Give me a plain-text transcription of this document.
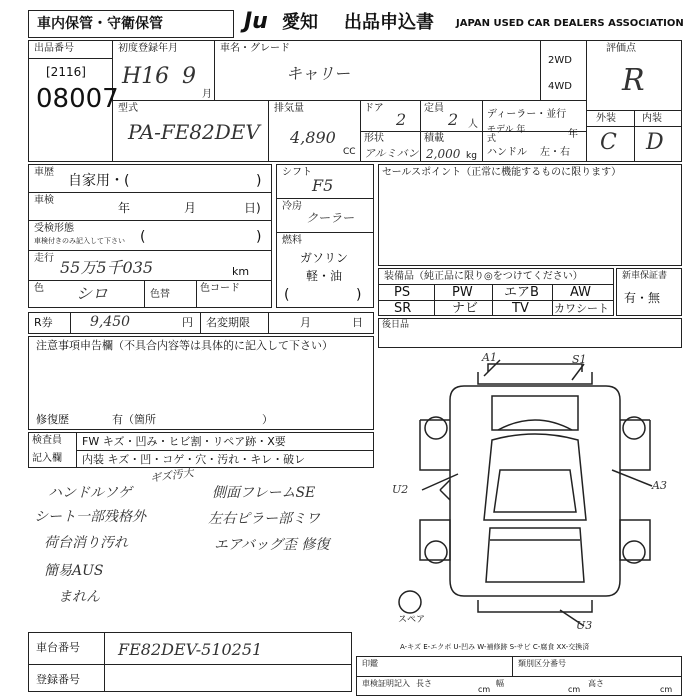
車内保管・守衛保管	Ju 愛知 出品申込書 JAPAN USED CAR DEALERS ASSOCIATION
出品番号
[2116]
08007
初度登録年月
H16 9
月
車名・グレード
キャリー
2WD
4WD
評価点
R
外装	内装
C D
型式
PA-FE82DEV
排気量
4,890
CC
ドア
2
定員
2 人
ディーラー・並行
モデル 年式	年
ハンドル 左・右
形状
アルミバン
積載
2,000 kg
車歴
自家用・(	)
車検
年	月	日)
受検形態
車検付きのみ記入して下さい (	)
走行 55万5千035	km
色 シロ	色替
色コード
シフト
F5
冷房
クーラー
燃料
ガソリン
軽・油
(	)
セールスポイント（正常に機能するものに限ります）
装備品（純正品に限り◎をつけてください）
PS	PW エアB AW
SR	ナビ	TV カワシート
新車保証書
有・無
R券	9,450	円 名変期限	月	日 後日品
注意事項申告欄（不具合内容等は具体的に記入して下さい）
修復歴	有（箇所	）
検査員
記入欄
FW キズ・凹み・ヒビ割・リペア跡・X要
内装 キズ・凹・コゲ・穴・汚れ・キレ・破レ
ギズ汚大
ハンドルソゲ
シート一部残格外
荷台消り汚れ
簡易AUS
まれん
側面フレームSE
左右ピラー部ミワ
エアバッグ歪 修復
A1	S1
U2	A3
U3
スペア
A-キズ E-エクボ U-凹み W-補修跡 S-サビ C-腐食 XX-交換済
車台番号 FE82DEV-510251
登録番号
印鑑	類別区分番号
車検証明記入 長さ
cm
幅
cm
高さ
cm
